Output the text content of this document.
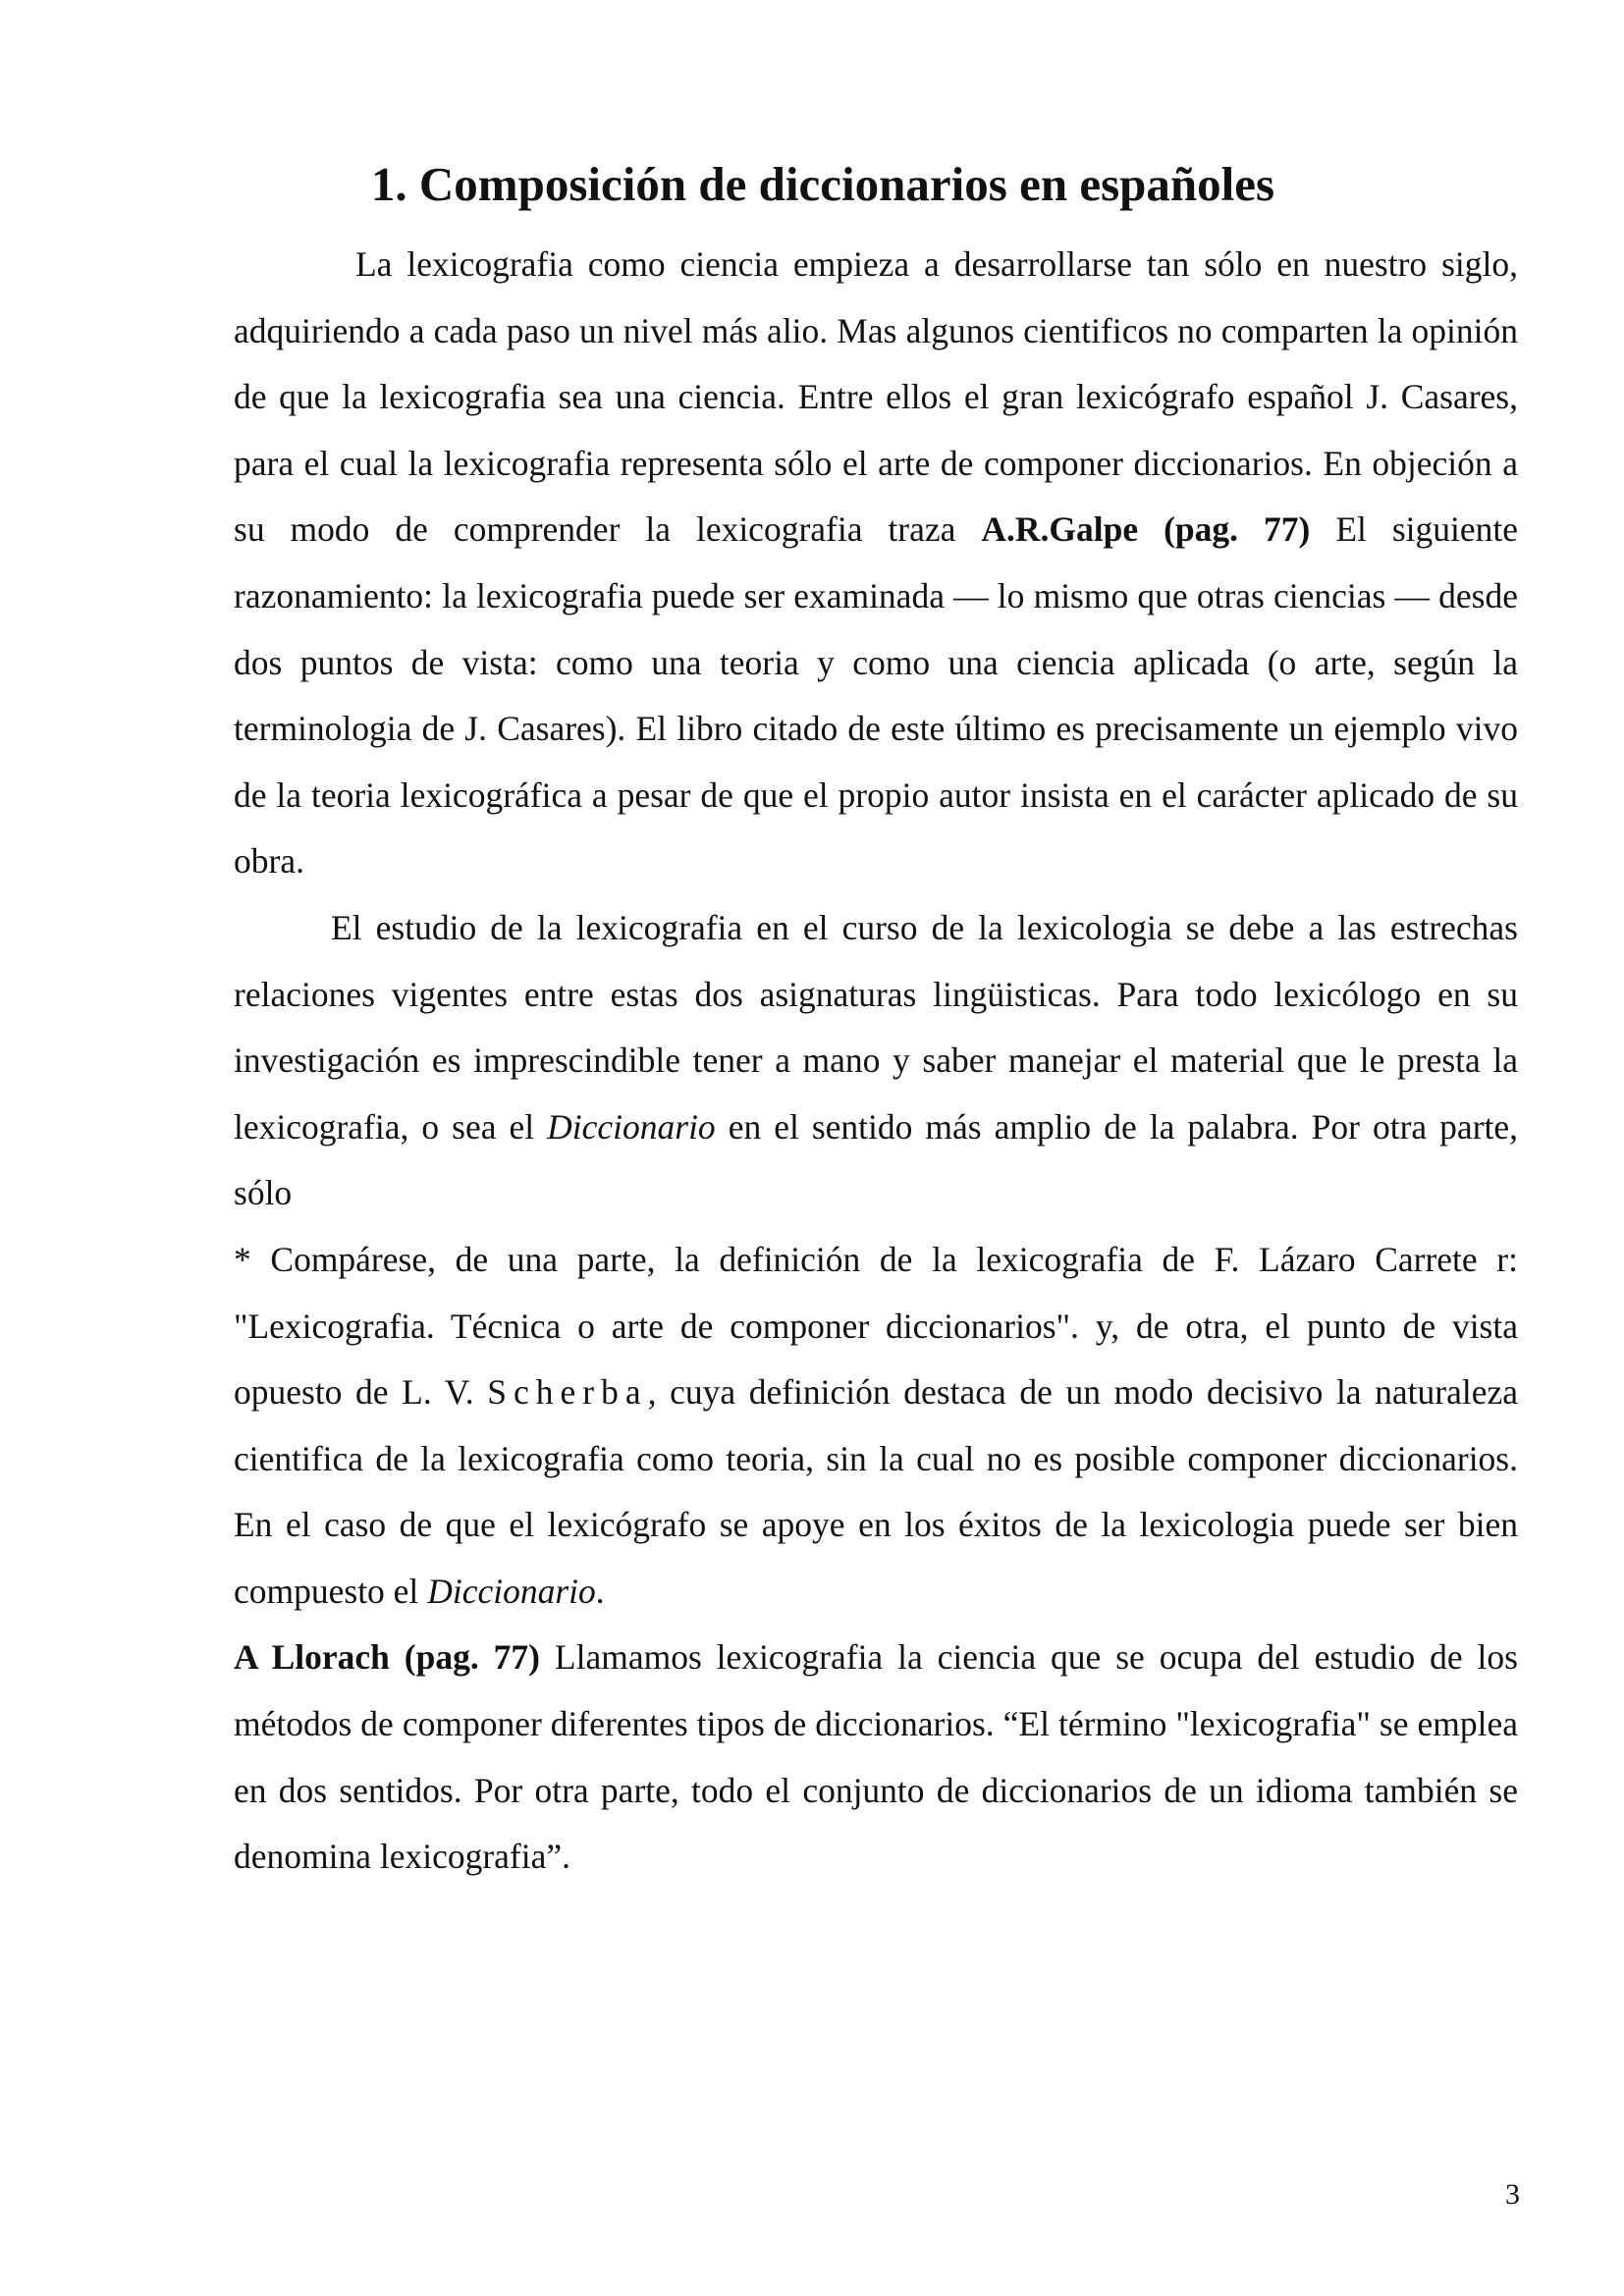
1. Composición de diccionarios en españoles

La lexicografia como ciencia empieza a desarrollarse tan sólo en nuestro siglo, adquiriendo a cada paso un nivel más alio. Mas algunos cientificos no comparten la opinión de que la lexicografia sea una ciencia. Entre ellos el gran lexicógrafo español J. Casares, para el cual la lexicografia representa sólo el arte de componer diccionarios. En objeción a su modo de comprender la lexicografia traza A.R.Galpe (pag. 77) El siguiente razonamiento: la lexicografia puede ser examinada — lo mismo que otras ciencias — desde dos puntos de vista: como una teoria y como una ciencia aplicada (o arte, según la terminologia de J. Casares). El libro citado de este último es precisamente un ejemplo vivo de la teoria lexicográfica a pesar de que el propio autor insista en el carácter aplicado de su obra.

El estudio de la lexicografia en el curso de la lexicologia se debe a las estrechas relaciones vigentes entre estas dos asignaturas lingüisticas. Para todo lexicólogo en su investigación es imprescindible tener a mano y saber manejar el material que le presta la lexicografia, o sea el Diccionario en el sentido más amplio de la palabra. Por otra parte, sólo

* Compárese, de una parte, la definición de la lexicografia de F. Lázaro Carrete r: "Lexicografia. Técnica o arte de componer diccionarios". y, de otra, el punto de vista opuesto de L. V. Scherba, cuya definición destaca de un modo decisivo la naturaleza cientifica de la lexicografia como teoria, sin la cual no es posible componer diccionarios. En el caso de que el lexicógrafo se apoye en los éxitos de la lexicologia puede ser bien compuesto el Diccionario.

A Llorach (pag. 77) Llamamos lexicografia la ciencia que se ocupa del estudio de los métodos de componer diferentes tipos de diccionarios. “El término "lexicografia" se emplea en dos sentidos. Por otra parte, todo el conjunto de diccionarios de un idioma también se denomina lexicografia”.

3
